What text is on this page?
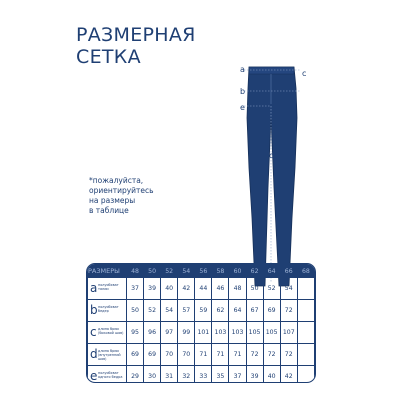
РАЗМЕРНАЯ
СЕТКА
*пожалуйста,
ориентируйтесь
на размеры
в таблице
a	c
b
e
d
РАЗМЕРЫ	48	50	52	54	56	58	60	62	64	66	68

a полуобхват талии	37	39	40	42	44	46	48	50	52	54	

b полуобхват бедер	50	52	54	57	59	62	64	67	69	72	

c длина брюк (боковой шов)	95	96	97	99	101	103	103	105	105	107	

d длина брюк (внутренний шов)	69	69	70	70	71	71	71	72	72	72	

e полуобхват одного бедра	29	30	31	32	33	35	37	39	40	42	
